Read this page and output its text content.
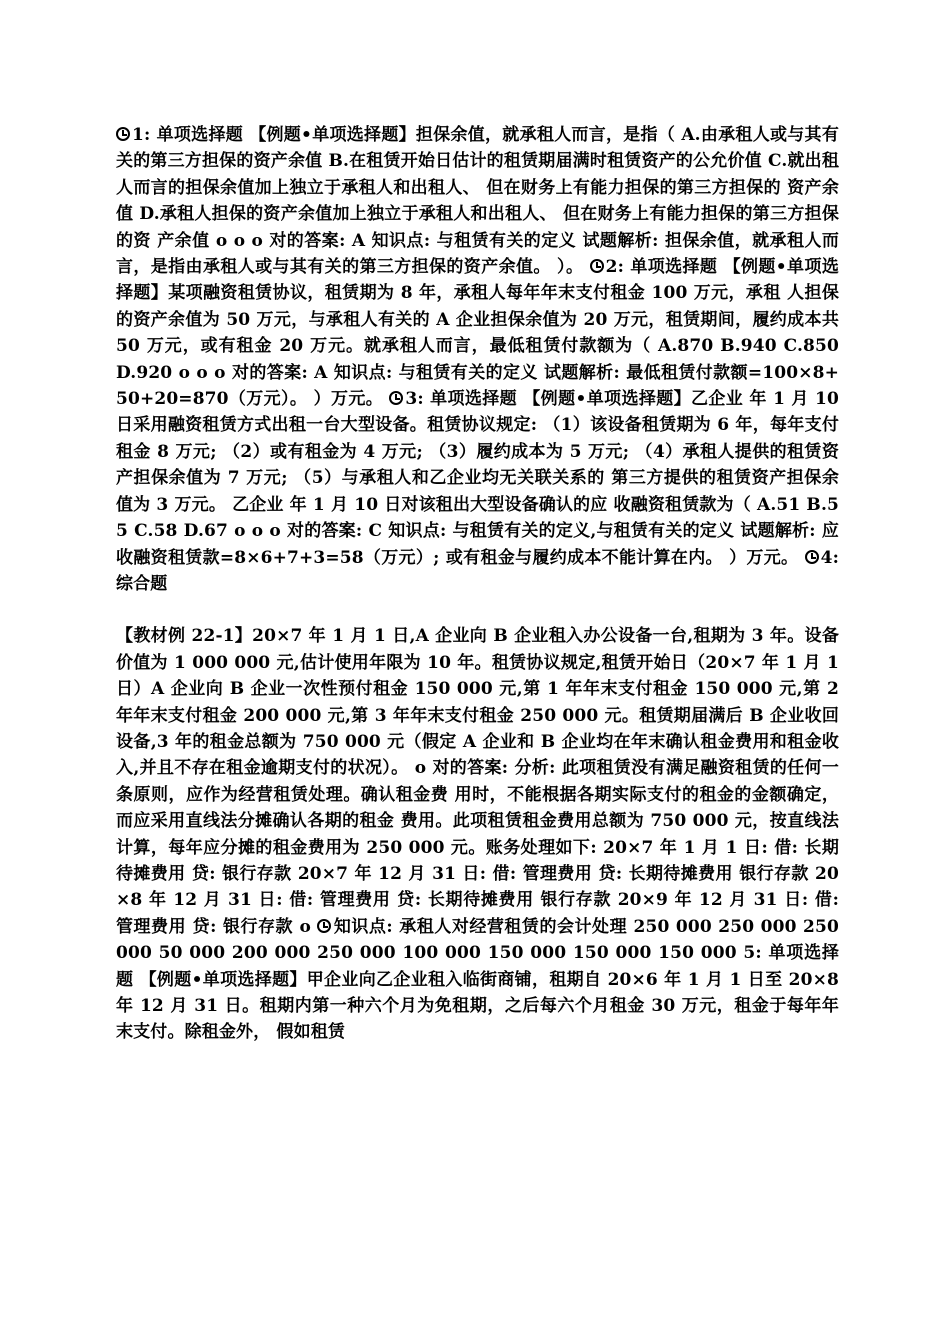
1: 单项选择题 【例题•单项选择题】担保余值，就承租人而言，是指（ A.由承租人或与其有关的第三方担保的资产余值 B.在租赁开始日估计的租赁期届满时租赁资产的公允价值 C.就出租人而言的担保余值加上独立于承租人和出租人、 但在财务上有能力担保的第三方担保的 资产余值 D.承租人担保的资产余值加上独立于承租人和出租人、 但在财务上有能力担保的第三方担保的资 产余值 o o o 对的答案: A 知识点: 与租赁有关的定义 试题解析: 担保余值，就承租人而言，是指由承租人或与其有关的第三方担保的资产余值。 ）。 2: 单项选择题 【例题•单项选择题】某项融资租赁协议，租赁期为 8 年，承租人每年年末支付租金 100 万元，承租 人担保的资产余值为 50 万元，与承租人有关的 A 企业担保余值为 20 万元，租赁期间，履约成本共 50 万元，或有租金 20 万元。就承租人而言，最低租赁付款额为（ A.870 B.940 C.850 D.920 o o o 对的答案: A 知识点: 与租赁有关的定义 试题解析: 最低租赁付款额=100×8+50+20=870（万元）。 ）万元。 3: 单项选择题 【例题•单项选择题】乙企业 年 1 月 10 日采用融资租赁方式出租一台大型设备。租赁协议规定: （1）该设备租赁期为 6 年，每年支付租金 8 万元; （2）或有租金为 4 万元; （3）履约成本为 5 万元; （4）承租人提供的租赁资产担保余值为 7 万元; （5）与承租人和乙企业均无关联关系的 第三方提供的租赁资产担保余值为 3 万元。 乙企业 年 1 月 10 日对该租出大型设备确认的应 收融资租赁款为（ A.51 B.55 C.58 D.67 o o o 对的答案: C 知识点: 与租赁有关的定义,与租赁有关的定义 试题解析: 应收融资租赁款=8×6+7+3=58（万元）; 或有租金与履约成本不能计算在内。 ）万元。 4: 综合题

【教材例 22-1】20×7 年 1 月 1 日,A 企业向 B 企业租入办公设备一台,租期为 3 年。设备价值为 1 000 000 元,估计使用年限为 10 年。租赁协议规定,租赁开始日（20×7 年 1 月 1 日）A 企业向 B 企业一次性预付租金 150 000 元,第 1 年年末支付租金 150 000 元,第 2 年年末支付租金 200 000 元,第 3 年年末支付租金 250 000 元。租赁期届满后 B 企业收回设备,3 年的租金总额为 750 000 元（假定 A 企业和 B 企业均在年末确认租金费用和租金收入,并且不存在租金逾期支付的状况）。 o 对的答案: 分析: 此项租赁没有满足融资租赁的任何一条原则，应作为经营租赁处理。确认租金费 用时，不能根据各期实际支付的租金的金额确定，而应采用直线法分摊确认各期的租金 费用。此项租赁租金费用总额为 750 000 元，按直线法计算，每年应分摊的租金费用为 250 000 元。账务处理如下: 20×7 年 1 月 1 日: 借: 长期待摊费用 贷: 银行存款 20×7 年 12 月 31 日: 借: 管理费用 贷: 长期待摊费用 银行存款 20×8 年 12 月 31 日: 借: 管理费用 贷: 长期待摊费用 银行存款 20×9 年 12 月 31 日: 借: 管理费用 贷: 银行存款 o 知识点: 承租人对经营租赁的会计处理 250 000 250 000 250 000 50 000 200 000 250 000 100 000 150 000 150 000 150 000 5: 单项选择题 【例题•单项选择题】甲企业向乙企业租入临街商铺，租期自 20×6 年 1 月 1 日至 20×8 年 12 月 31 日。租期内第一种六个月为免租期，之后每六个月租金 30 万元，租金于每年年末支付。除租金外， 假如租赁
